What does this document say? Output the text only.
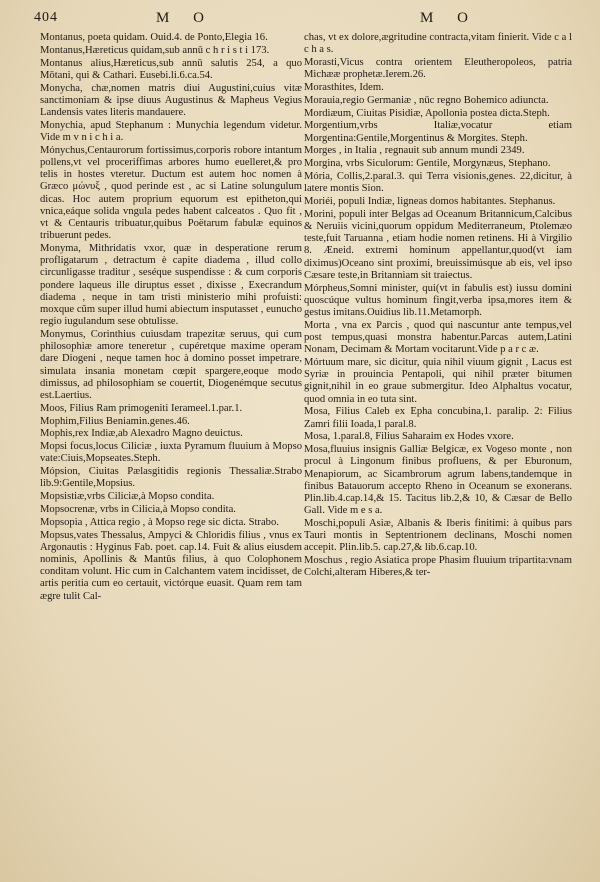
404	M O	M O
Montanus, poeta quidam. Ouid.4. de Ponto,Elegia 16.
Montanus,Hæreticus quidam,sub annū c h r i s t i 173.
Montanus alius,Hæreticus,sub annū salutis 254, a quo Mōtani, qui & Cathari. Eusebi.li.6.ca.54.
Monycha, chæ,nomen matris diui Augustini,cuius vitæ sanctimoniam & ipse diuus Augustinus & Mapheus Vegius Landensis vates literis mandauere.
Monychia, apud Stephanum : Munychia legendum videtur. Vide m v n i c h i a.
Mónychus,Centaurorum fortissimus,corporis robore intantum pollens,vt vel proceriffimas arbores humo euelleret,& pro telis in hostes vteretur. Ductum est autem hoc nomen à Græco μώνυξ , quod perinde est , ac si Latine solungulum dicas. Hoc autem proprium equorum est epitheton,qui vnica,eáque solida vngula pedes habent calceatos . Quo fit , vt & Centauris tribuatur,quibus Poëtarum fabulæ equinos tribuerunt pedes.
Monyma, Mithridatis vxor, quæ in desperatione rerum profligatarum , detractum è capite diadema , illud collo circunligasse traditur , seséque suspendisse : & cum corporis pondere laqueus ille diruptus esset , dixisse , Execrandum diadema , neque in tam tristi ministerio mihi profuisti: moxque cũm super illud humi abiectum insputasset , eunucho regio iugulandum sese obtulisse.
Monymus, Corinthius cuiusdam trapezitæ seruus, qui cum philosophiæ amore teneretur , cupéretque maxime operam dare Diogeni , neque tamen hoc à domino posset impetrare, simulata insania monetam cœpit spargere,eoque modo dimissus, ad philosophiam se couertit, Diogenémque secutus est.Laertius.
Moos, Filius Ram primogeniti Ierameel.1.par.1.
Mophim,Filius Beniamin.genes.46.
Mophis,rex Indiæ,ab Alexadro Magno deuictus.
Mopsi focus,locus Ciliciæ , iuxta Pyramum fluuium à Mopso vate:Ciuis,Mopseates.Steph.
Mópsion, Ciuitas Pælasgitidis regionis Thessaliæ.Strabo lib.9:Gentile,Mopsius.
Mopsistiæ,vrbs Ciliciæ,à Mopso condita.
Mopsocrenæ, vrbs in Cilicia,à Mopso condita.
Mopsopia , Attica regio , à Mopso rege sic dicta. Strabo.
Mopsus,vates Thessalus, Ampyci & Chloridis filius , vnus ex Argonautis : Hyginus Fab. poet. cap.14. Fuit & alius eiusdem nominis, Apollinis & Mantûs filius, à quo Colophonem conditam volunt. Hic cum in Calchantem vatem incidisset, de artis peritia cum eo certauit, victórque euasit. Quam rem tam ægre tulit Cal-
chas, vt ex dolore,ægritudine contracta,vitam finierit. Vide c a l c h a s.
Morasti,Vicus contra orientem Eleutheropoleos, patria Michææ prophetæ.Ierem.26.
Morasthites, Idem.
Morauia,regio Germaniæ , nūc regno Bohemico adiuncta.
Mordiæum, Ciuitas Pisidiæ, Apollonia postea dicta.Steph.
Morgentium,vrbs Italiæ,vocatur etiam Morgentina:Gentile,Morgentinus & Morgites. Steph.
Morges , in Italia , regnauit sub annum mundi 2349.
Morgina, vrbs Siculorum: Gentile, Morgynæus, Stephano.
Mória, Collis,2.paral.3. qui Terra visionis,genes. 22,dicitur, à latere montis Sion.
Moriéi, populi Indiæ, ligneas domos habitantes. Stephanus.
Morini, populi inter Belgas ad Oceanum Britannicum,Calcibus & Neruiis vicini,quorum oppidum Mediterraneum, Ptolemæo teste,fuit Taruanna , etiam hodie nomen retinens. Hi à Virgilio 8. Æneid. extremi hominum appellantur,quod(vt iam diximus)Oceano sint proximi, breuissimúsque ab eis, vel ipso Cæsare teste,in Britanniam sit traiectus.
Mórpheus,Somni minister, qui(vt in fabulis est) iussu domini quoscúque vultus hominum fingit,verba ipsa,mores item & gestus imitans.Ouidius lib.11.Metamorph.
Morta , vna ex Parcis , quod qui nascuntur ante tempus,vel post tempus,quasi monstra habentur.Parcas autem,Latini Nonam, Decimam & Mortam vocitarunt.Vide p a r c æ.
Mórtuum mare, sic dicitur, quia nihil viuum gignit , Lacus est Syriæ in prouincia Pentapoli, qui nihil præter bitumen gignit,nihil in eo grauе submergitur. Ideo Alphaltus vocatur, quod omnia in eo tuta sint.
Mosa, Filius Caleb ex Epha concubina,1. paralip. 2: Filius Zamri filii Ioada,1 paral.8.
Mosa, 1.paral.8, Filius Saharaim ex Hodes vxore.
Mosa,fluuius insignis Galliæ Belgicæ, ex Vogeso monte , non procul à Lingonum finibus profluens, & per Eburonum, Menapiorum, ac Sicambrorum agrum labens,tandemque in finibus Batauorum accepto Rheno in Oceanum se exonerans. Plin.lib.4.cap.14,& 15. Tacitus lib.2,& 10, & Cæsar de Bello Gall. Vide m e s a.
Moschi,populi Asiæ, Albanis & Iberis finitimi: à quibus pars Tauri montis in Septentrionem declinans, Moschi nomen accepit. Plin.lib.5. cap.27,& lib.6.cap.10.
Moschus , regio Asiatica prope Phasim fluuium tripartita:vnam Colchi,alteram Hiberes,& ter-
